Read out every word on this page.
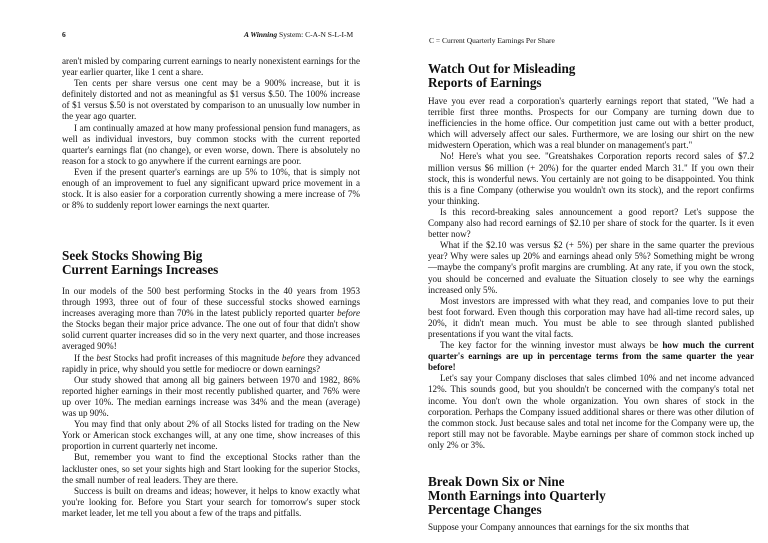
6	A Winning System: C-A-N S-L-I-M

aren't misled by comparing current earnings to nearly nonexistent earnings for the year earlier quarter, like 1 cent a share.

Ten cents per share versus one cent may be a 900% increase, but it is definitely distorted and not as meaningful as $1 versus $.50. The 100% increase of $1 versus $.50 is not overstated by comparison to an unusually low number in the year ago quarter.

I am continually amazed at how many professional pension fund managers, as well as individual investors, buy common stocks with the current reported quarter's earnings flat (no change), or even worse, down. There is absolutely no reason for a stock to go anywhere if the current earnings are poor.

Even if the present quarter's earnings are up 5% to 10%, that is simply not enough of an improvement to fuel any significant upward price movement in a stock. It is also easier for a corporation currently showing a mere increase of 7% or 8% to suddenly report lower earnings the next quarter.

Seek Stocks Showing Big
Current Earnings Increases

In our models of the 500 best performing Stocks in the 40 years from 1953 through 1993, three out of four of these successful stocks showed earnings increases averaging more than 70% in the latest publicly reported quarter before the Stocks began their major price advance. The one out of four that didn't show solid current quarter increases did so in the very next quarter, and those increases averaged 90%!

If the best Stocks had profit increases of this magnitude before they advanced rapidly in price, why should you settle for mediocre or down earnings?

Our study showed that among all big gainers between 1970 and 1982, 86% reported higher earnings in their most recently published quarter, and 76% were up over 10%. The median earnings increase was 34% and the mean (average) was up 90%.

You may find that only about 2% of all Stocks listed for trading on the New York or American stock exchanges will, at any one time, show increases of this proportion in current quarterly net income.

But, remember you want to find the exceptional Stocks rather than the lackluster ones, so set your sights high and Start looking for the superior Stocks, the small number of real leaders. They are there.

Success is built on dreams and ideas; however, it helps to know exactly what you're looking for. Before you Start your search for tomorrow's super stock market leader, let me tell you about a few of the traps and pitfalls.

C = Current Quarterly Earnings Per Share
Watch Out for Misleading
Reports of Earnings

Have you ever read a corporation's quarterly earnings report that stated, "We had a terrible first three months. Prospects for our Company are turning down due to inefficiencies in the home office. Our competition just came out with a better product, which will adversely affect our sales. Furthermore, we are losing our shirt on the new midwestern Operation, which was a real blunder on management's part."

No! Here's what you see. "Greatshakes Corporation reports record sales of $7.2 million versus $6 million (+ 20%) for the quarter ended March 31." If you own their stock, this is wonderful news. You certainly are not going to be disappointed. You think this is a fine Company (otherwise you wouldn't own its stock), and the report confirms your thinking.

Is this record-breaking sales announcement a good report? Let's suppose the Company also had record earnings of $2.10 per share of stock for the quarter. Is it even better now?

What if the $2.10 was versus $2 (+ 5%) per share in the same quarter the previous year? Why were sales up 20% and earnings ahead only 5%? Something might be wrong—maybe the company's profit margins are crumbling. At any rate, if you own the stock, you should be concerned and evaluate the Situation closely to see why the earnings increased only 5%.

Most investors are impressed with what they read, and companies love to put their best foot forward. Even though this corporation may have had all-time record sales, up 20%, it didn't mean much. You must be able to see through slanted published presentations if you want the vital facts.

The key factor for the winning investor must always be how much the current quarter's earnings are up in percentage terms from the same quarter the year before!

Let's say your Company discloses that sales climbed 10% and net income advanced 12%. This sounds good, but you shouldn't be concerned with the company's total net income. You don't own the whole organization. You own shares of stock in the corporation. Perhaps the Company issued additional shares or there was other dilution of the common stock. Just because sales and total net income for the Company were up, the report still may not be favorable. Maybe earnings per share of common stock inched up only 2% or 3%.

Break Down Six or Nine
Month Earnings into Quarterly
Percentage Changes

Suppose your Company announces that earnings for the six months that
